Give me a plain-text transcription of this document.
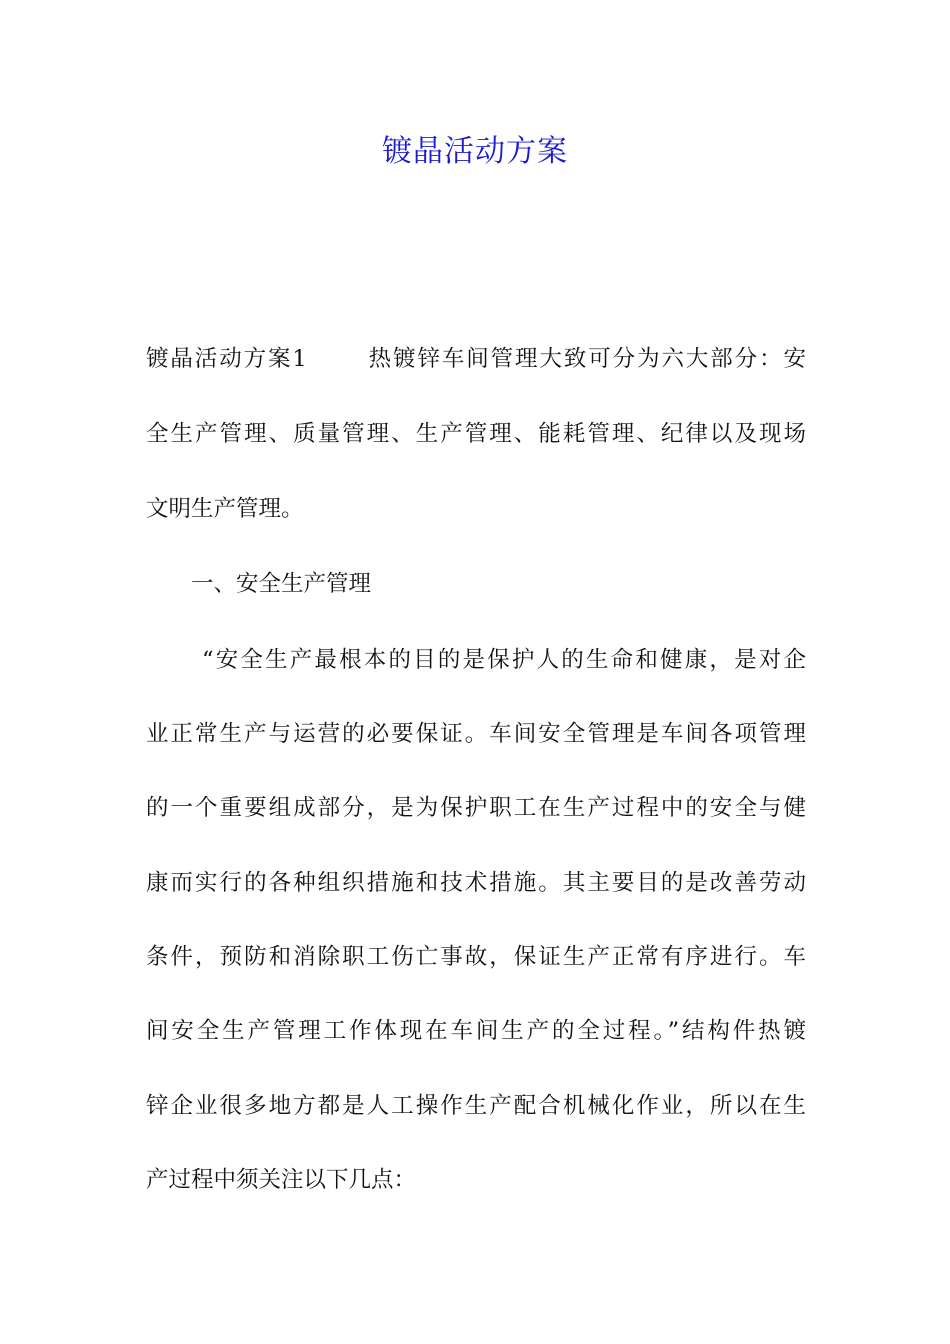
镀晶活动方案
镀晶活动方案1	热镀锌车间管理大致可分为六大部分：安
全生产管理、质量管理、生产管理、能耗管理、纪律以及现场
文明生产管理。
一、安全生产管理
“安全生产最根本的目的是保护人的生命和健康，是对企
业正常生产与运营的必要保证。车间安全管理是车间各项管理
的一个重要组成部分，是为保护职工在生产过程中的安全与健
康而实行的各种组织措施和技术措施。其主要目的是改善劳动
条件，预防和消除职工伤亡事故，保证生产正常有序进行。车
间安全生产管理工作体现在车间生产的全过程。”结构件热镀
锌企业很多地方都是人工操作生产配合机械化作业，所以在生
产过程中须关注以下几点：
